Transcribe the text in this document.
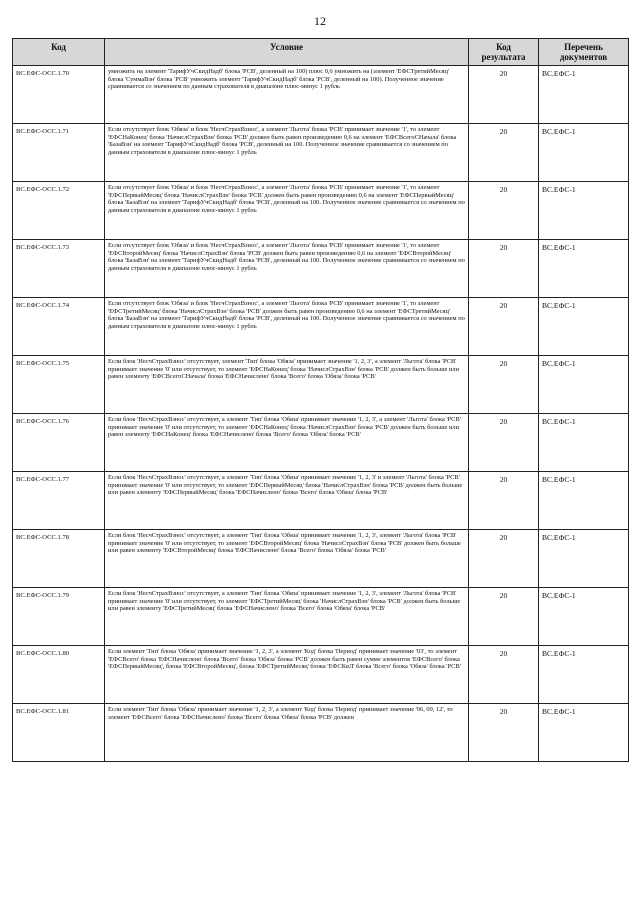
12
Код	Условие	Код результата	Перечень документов
ВС.ЕФС-ОСС.1.70	умножить на элемент 'ТарифУчСкидНадб' блока 'РСВ', деленный на 100) плюс 0,6 умножить на (элемент 'ЕФСТретийМесяц' блока 'СуммаВзн' блока 'РСВ' умножить элемент 'ТарифУчСкидНадб' блока 'РСВ', деленный на 100). Полученное значение сравнивается со значением по данным страхователя в диапазоне плюс-минус 1 рубль	20	ВС.ЕФС-1
ВС.ЕФС-ОСС.1.71	Если отсутствует блок 'Обяза' и блок 'НесчСтрахВзнос', а элемент 'Льгота' блока 'РСВ' принимает значение '1', то элемент 'ЕФСНаКонец' блока 'НачислСтрахВзн' блока 'РСВ' должен быть равен произведению 0,6 на элемент 'ЕФСВсегоСНачала' блока 'БазаВзн' на элемент 'ТарифУчСкидНадб' блока 'РСВ', деленный на 100. Полученное значение сравнивается со значением по данным страхователя в диапазоне плюс-минус 1 рубль	20	ВС.ЕФС-1
ВС.ЕФС-ОСС.1.72	Если отсутствует блок 'Обяза' и блок 'НесчСтрахВзнос', а элемент 'Льгота' блока 'РСВ' принимает значение '1', то элемент 'ЕФСПервыйМесяц' блока 'НачислСтрахВзн' блока 'РСВ' должен быть равен произведению 0,6 на элемент 'ЕФСПервыйМесяц' блока 'БазаВзн' на элемент 'ТарифУчСкидНадб' блока 'РСВ', деленный на 100. Полученное значение сравнивается со значением по данным страхователя в диапазоне плюс-минус 1 рубль	20	ВС.ЕФС-1
ВС.ЕФС-ОСС.1.73	Если отсутствует блок 'Обяза' и блок 'НесчСтрахВзнос', а элемент 'Льгота' блока 'РСВ' принимает значение '1', то элемент 'ЕФСВторойМесяц' блока 'НачислСтрахВзн' блока 'РСВ' должен быть равен произведению 0,6 на элемент 'ЕФСВторойМесяц' блока 'БазаВзн' на элемент 'ТарифУчСкидНадб' блока 'РСВ', деленный на 100. Полученное значение сравнивается со значением по данным страхователя в диапазоне плюс-минус 1 рубль	20	ВС.ЕФС-1
ВС.ЕФС-ОСС.1.74	Если отсутствует блок 'Обяза' и блок 'НесчСтрахВзнос', а элемент 'Льгота' блока 'РСВ' принимает значение '1', то элемент 'ЕФСТретийМесяц' блока 'НачислСтрахВзн' блока 'РСВ' должен быть равен произведению 0,6 на элемент 'ЕФСТретийМесяц' блока 'БазаВзн' на элемент 'ТарифУчСкидНадб' блока 'РСВ', деленный на 100. Полученное значение сравнивается со значением по данным страхователя в диапазоне плюс-минус 1 рубль	20	ВС.ЕФС-1
ВС.ЕФС-ОСС.1.75	Если блок 'НесчСтрахВзнос' отсутствует, элемент 'Тип' блока 'Обяза' принимает значение '1, 2, 3', а элемент 'Льгота' блока 'РСВ' принимает значение '0' или отсутствует, то элемент 'ЕФСНаКонец' блока 'НачислСтрахВзн' блока 'РСВ' должен быть больше или равен элементу 'ЕФСВсегоСНачала' блока 'ЕФСНачислено' блока 'Всего' блока 'Обяза' блока 'РСВ'	20	ВС.ЕФС-1
ВС.ЕФС-ОСС.1.76	Если блок 'НесчСтрахВзнос' отсутствует, а элемент 'Тип' блока 'Обяза' принимает значение '1, 2, 3', а элемент 'Льгота' блока 'РСВ' принимает значение '0' или отсутствует, то элемент 'ЕФСНаКонец' блока 'НачислСтрахВзн' блока 'РСВ' должен быть больше или равен элементу 'ЕФСНаКонец' блока 'ЕФСНачислено' блока 'Всего' блока 'Обяза' блока 'РСВ'	20	ВС.ЕФС-1
ВС.ЕФС-ОСС.1.77	Если блок 'НесчСтрахВзнос' отсутствует, а элемент 'Тип' блока 'Обяза' принимает значение '1, 2, 3' и элемент 'Льгота' блока 'РСВ' принимает значение '0' или отсутствует, то элемент 'ЕФСПервыйМесяц' блока 'НачислСтрахВзн' блока 'РСВ' должен быть больше или равен элементу 'ЕФСПервыйМесяц' блока 'ЕФСНачислено' блока 'Всего' блока 'Обяза' блока 'РСВ'	20	ВС.ЕФС-1
ВС.ЕФС-ОСС.1.78	Если блок 'НесчСтрахВзнос' отсутствует, а элемент 'Тип' блока 'Обяза' принимает значение '1, 2, 3', элемент 'Льгота' блока 'РСВ' принимает значение '0' или отсутствует, то элемент 'ЕФСВторойМесяц' блока 'НачислСтрахВзн' блока 'РСВ' должен быть больше или равен элементу 'ЕФСВторойМесяц' блока 'ЕФСНачислено' блока 'Всего' блока 'Обяза' блока 'РСВ'	20	ВС.ЕФС-1
ВС.ЕФС-ОСС.1.79	Если блок 'НесчСтрахВзнос' отсутствует, а элемент 'Тип' блока 'Обяза' принимает значение '1, 2, 3', элемент 'Льгота' блока 'РСВ' принимает значение '0' или отсутствует, то элемент 'ЕФСТретийМесяц' блока 'НачислСтрахВзн' блока 'РСВ' должен быть больше или равен элементу 'ЕФСТретийМесяц' блока 'ЕФСНачислено' блока 'Всего' блока 'Обяза' блока 'РСВ'	20	ВС.ЕФС-1
ВС.ЕФС-ОСС.1.80	Если элемент 'Тип' блока 'Обяза' принимает значение '1, 2, 3', а элемент 'Код' блока 'Период' принимает значение '03', то элемент 'ЕФСВсего' блока 'ЕФСНачислено' блока 'Всего' блока 'Обяза' блока 'РСВ' должен быть равен сумме элементов 'ЕФСВсего' блока 'ЕФСПервыйМесяц', блока 'ЕФСВторойМесяц', блока 'ЕФСТретийМесяц' блока 'ЕФСКвЛ' блока 'Всего' блока 'Обяза' блока 'РСВ'	20	ВС.ЕФС-1
ВС.ЕФС-ОСС.1.81	Если элемент 'Тип' блока 'Обяза' принимает значение '1, 2, 3', а элемент 'Код' блока 'Период' принимает значение '06, 09, 12', то элемент 'ЕФСВсего' блока 'ЕФСНачислено' блока 'Всего' блока 'Обяза' блока 'РСВ' должен	20	ВС.ЕФС-1
